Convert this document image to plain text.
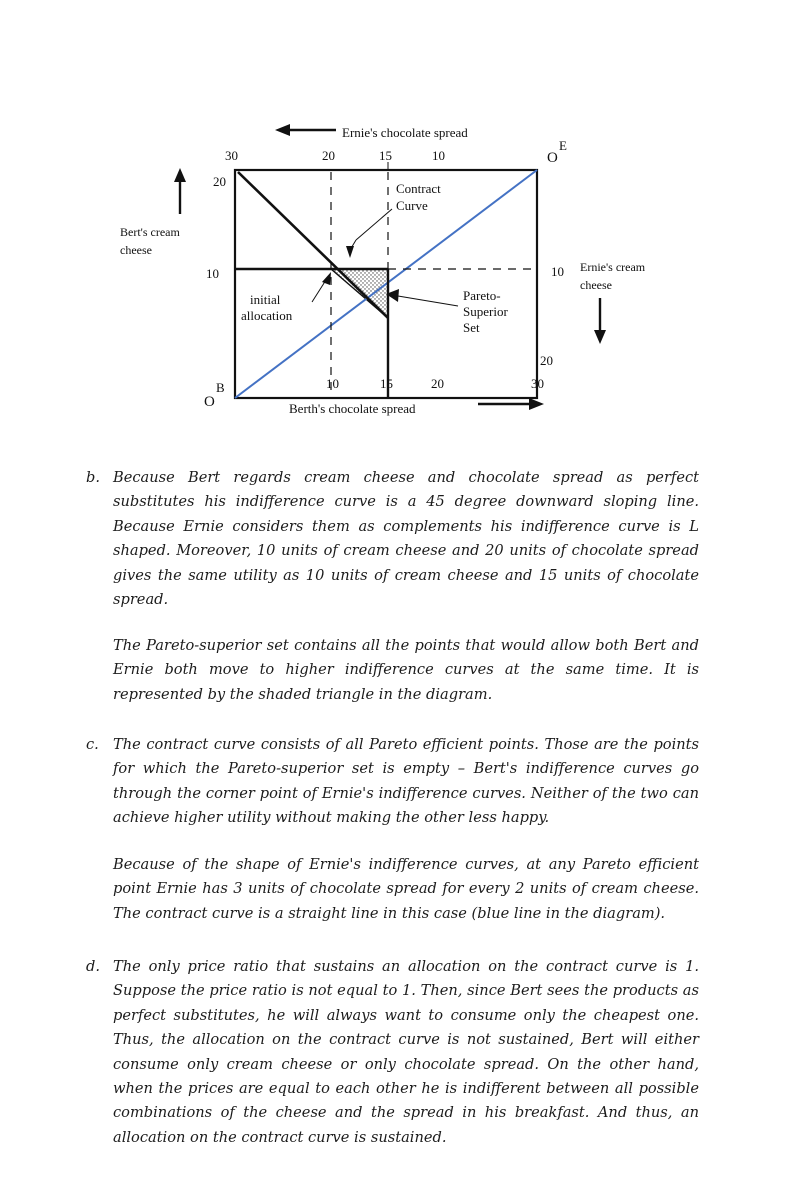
Ernie's chocolate spread
Berth's chocolate spread
Bert's cream
cheese
Ernie's cream
cheese
O
E
O
B
30	20	15	10
10	15	20	30
20
10	10
20
Contract
Curve
initial
allocation
Pareto-
Superior
Set
b. Because Bert regards cream cheese and chocolate spread as perfect substitutes his indifference curve is a 45 degree downward sloping line. Because Ernie considers them as complements his indifference curve is L shaped. Moreover, 10 units of cream cheese and 20 units of chocolate spread gives the same utility as 10 units of cream cheese and 15 units of chocolate spread.

The Pareto-superior set contains all the points that would allow both Bert and Ernie both move to higher indifference curves at the same time. It is represented by the shaded triangle in the diagram.

c. The contract curve consists of all Pareto efficient points. Those are the points for which the Pareto-superior set is empty – Bert's indifference curves go through the corner point of Ernie's indifference curves. Neither of the two can achieve higher utility without making the other less happy.

Because of the shape of Ernie's indifference curves, at any Pareto efficient point Ernie has 3 units of chocolate spread for every 2 units of cream cheese. The contract curve is a straight line in this case (blue line in the diagram).

d. The only price ratio that sustains an allocation on the contract curve is 1. Suppose the price ratio is not equal to 1. Then, since Bert sees the products as perfect substitutes, he will always want to consume only the cheapest one. Thus, the allocation on the contract curve is not sustained, Bert will either consume only cream cheese or only chocolate spread. On the other hand, when the prices are equal to each other he is indifferent between all possible combinations of the cheese and the spread in his breakfast. And thus, an allocation on the contract curve is sustained.
